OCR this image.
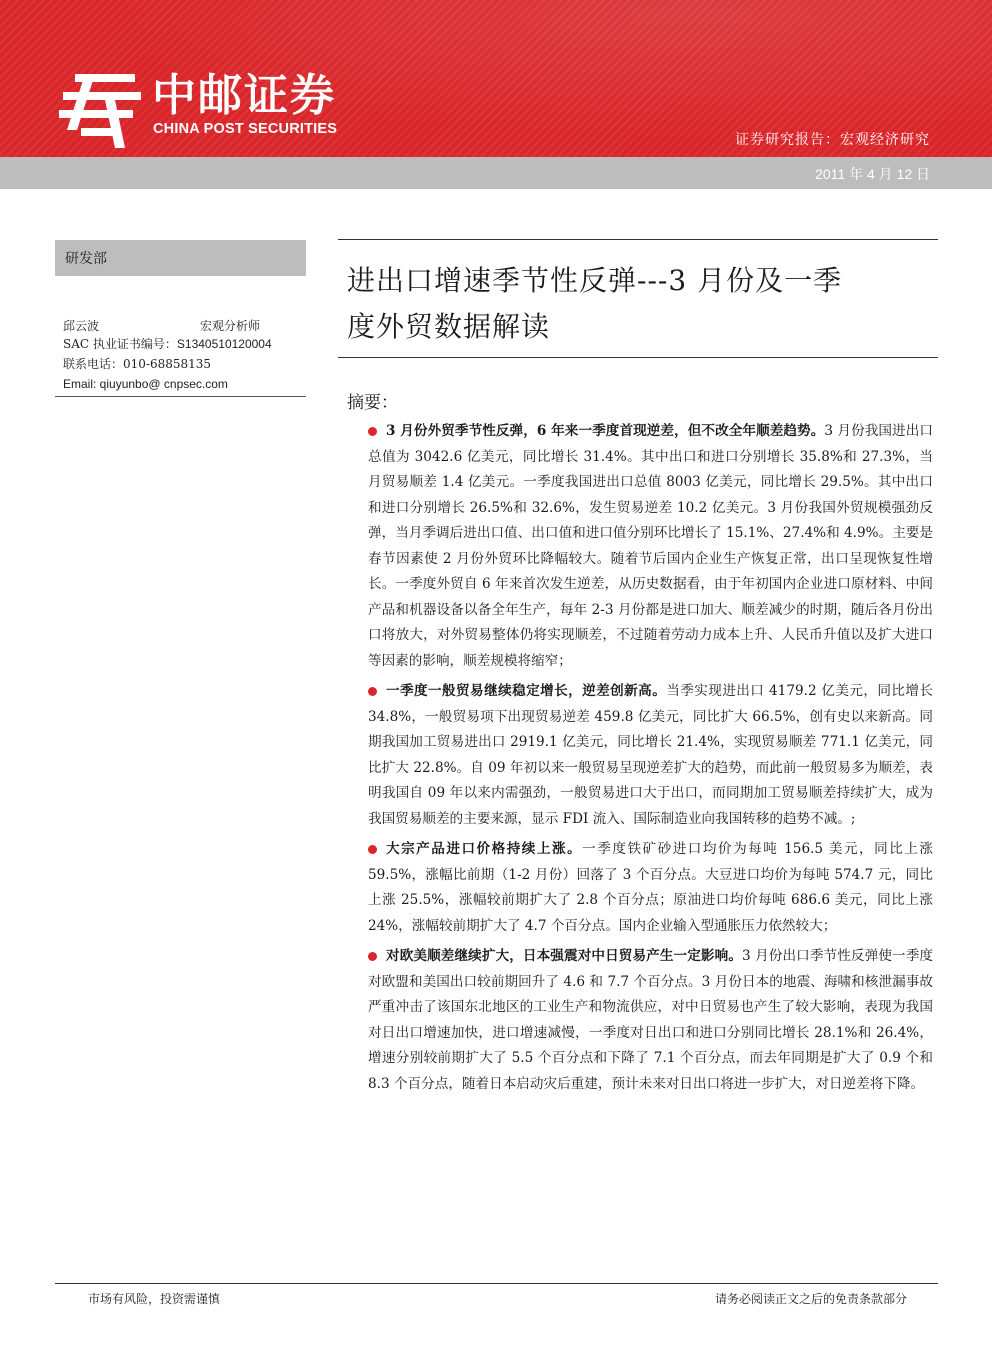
中邮证券
CHINA POST SECURITIES
证券研究报告：宏观经济研究
2011 年 4 月 12 日
研发部
邱云波	宏观分析师
SAC 执业证书编号：S1340510120004
联系电话：010-68858135
Email: qiuyunbo@ cnpsec.com
进出口增速季节性反弹---3 月份及一季
度外贸数据解读
摘要：
3 月份外贸季节性反弹，6 年来一季度首现逆差，但不改全年顺差趋势。3 月份我国进出口总值为 3042.6 亿美元，同比增长 31.4%。其中出口和进口分别增长 35.8%和 27.3%，当月贸易顺差 1.4 亿美元。一季度我国进出口总值 8003 亿美元，同比增长 29.5%。其中出口和进口分别增长 26.5%和 32.6%，发生贸易逆差 10.2 亿美元。3 月份我国外贸规模强劲反弹，当月季调后进出口值、出口值和进口值分别环比增长了 15.1%、27.4%和 4.9%。主要是春节因素使 2 月份外贸环比降幅较大。随着节后国内企业生产恢复正常，出口呈现恢复性增长。一季度外贸自 6 年来首次发生逆差，从历史数据看，由于年初国内企业进口原材料、中间产品和机器设备以备全年生产，每年 2-3 月份都是进口加大、顺差减少的时期，随后各月份出口将放大，对外贸易整体仍将实现顺差，不过随着劳动力成本上升、人民币升值以及扩大进口等因素的影响，顺差规模将缩窄；
一季度一般贸易继续稳定增长，逆差创新高。当季实现进出口 4179.2 亿美元，同比增长 34.8%，一般贸易项下出现贸易逆差 459.8 亿美元，同比扩大 66.5%，创有史以来新高。同期我国加工贸易进出口 2919.1 亿美元，同比增长 21.4%，实现贸易顺差 771.1 亿美元，同比扩大 22.8%。自 09 年初以来一般贸易呈现逆差扩大的趋势，而此前一般贸易多为顺差，表明我国自 09 年以来内需强劲，一般贸易进口大于出口，而同期加工贸易顺差持续扩大，成为我国贸易顺差的主要来源，显示 FDI 流入、国际制造业向我国转移的趋势不减。;
大宗产品进口价格持续上涨。一季度铁矿砂进口均价为每吨 156.5 美元，同比上涨 59.5%，涨幅比前期（1-2 月份）回落了 3 个百分点。大豆进口均价为每吨 574.7 元，同比上涨 25.5%，涨幅较前期扩大了 2.8 个百分点；原油进口均价每吨 686.6 美元，同比上涨 24%，涨幅较前期扩大了 4.7 个百分点。国内企业输入型通胀压力依然较大；
对欧美顺差继续扩大，日本强震对中日贸易产生一定影响。3 月份出口季节性反弹使一季度对欧盟和美国出口较前期回升了 4.6 和 7.7 个百分点。3 月份日本的地震、海啸和核泄漏事故严重冲击了该国东北地区的工业生产和物流供应，对中日贸易也产生了较大影响，表现为我国对日出口增速加快，进口增速减慢，一季度对日出口和进口分别同比增长 28.1%和 26.4%，增速分别较前期扩大了 5.5 个百分点和下降了 7.1 个百分点，而去年同期是扩大了 0.9 个和 8.3 个百分点，随着日本启动灾后重建，预计未来对日出口将进一步扩大，对日逆差将下降。
市场有风险，投资需谨慎	请务必阅读正文之后的免责条款部分
